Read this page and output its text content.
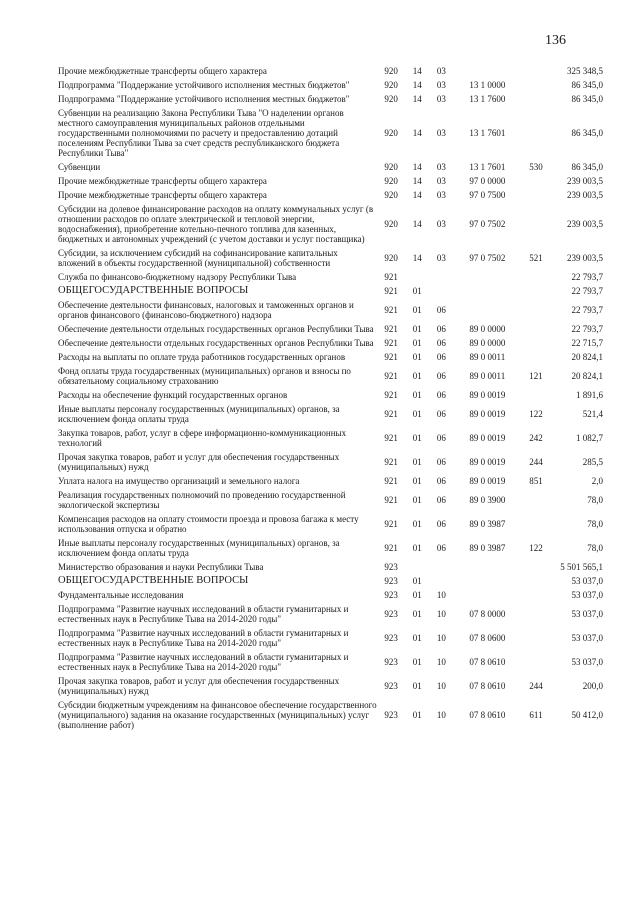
136
Прочие межбюджетные трансферты общего характера	920	14	03			325 348,5
Подпрограмма "Поддержание устойчивого исполнения местных бюджетов"	920	14	03	13 1 0000		86 345,0
Подпрограмма "Поддержание устойчивого исполнения местных бюджетов"	920	14	03	13 1 7600		86 345,0
Субвенции на реализацию Закона Республики Тыва "О наделении органов местного самоуправления муниципальных районов отдельными государственными полномочиями по расчету и предоставлению дотаций поселениям Республики Тыва за счет средств республиканского бюджета Республики Тыва"	920	14	03	13 1 7601		86 345,0
Субвенции	920	14	03	13 1 7601	530	86 345,0
Прочие межбюджетные трансферты общего характера	920	14	03	97 0 0000		239 003,5
Прочие межбюджетные трансферты общего характера	920	14	03	97 0 7500		239 003,5
Субсидии на долевое финансирование расходов на оплату коммунальных услуг (в отношении расходов по оплате электрической и тепловой энергии, водоснабжения), приобретение котельно-печного топлива для казенных, бюджетных и автономных учреждений (с учетом доставки и услуг поставщика)	920	14	03	97 0 7502		239 003,5
Субсидии, за исключением субсидий на софинансирование капитальных вложений в объекты государственной (муниципальной) собственности	920	14	03	97 0 7502	521	239 003,5
Служба по финансово-бюджетному надзору Республики Тыва	921					22 793,7
ОБЩЕГОСУДАРСТВЕННЫЕ ВОПРОСЫ	921	01				22 793,7
Обеспечение деятельности финансовых, налоговых и таможенных органов и органов финансового (финансово-бюджетного) надзора	921	01	06			22 793,7
Обеспечение деятельности отдельных государственных органов Республики Тыва	921	01	06	89 0 0000		22 793,7
Обеспечение деятельности отдельных государственных органов Республики Тыва	921	01	06	89 0 0000		22 715,7
Расходы на выплаты по оплате труда работников государственных органов	921	01	06	89 0 0011		20 824,1
Фонд оплаты труда государственных (муниципальных) органов и взносы по обязательному социальному страхованию	921	01	06	89 0 0011	121	20 824,1
Расходы на обеспечение функций государственных органов	921	01	06	89 0 0019		1 891,6
Иные выплаты персоналу государственных (муниципальных) органов, за исключением фонда оплаты труда	921	01	06	89 0 0019	122	521,4
Закупка товаров, работ, услуг в сфере информационно-коммуникационных технологий	921	01	06	89 0 0019	242	1 082,7
Прочая закупка товаров, работ и услуг для обеспечения государственных (муниципальных) нужд	921	01	06	89 0 0019	244	285,5
Уплата налога на имущество организаций и земельного налога	921	01	06	89 0 0019	851	2,0
Реализация государственных полномочий по проведению государственной экологической экспертизы	921	01	06	89 0 3900		78,0
Компенсация расходов на оплату стоимости проезда и провоза багажа к месту использования отпуска и обратно	921	01	06	89 0 3987		78,0
Иные выплаты персоналу государственных (муниципальных) органов, за исключением фонда оплаты труда	921	01	06	89 0 3987	122	78,0
Министерство образования и науки Республики Тыва	923					5 501 565,1
ОБЩЕГОСУДАРСТВЕННЫЕ ВОПРОСЫ	923	01				53 037,0
Фундаментальные исследования	923	01	10			53 037,0
Подпрограмма "Развитие научных исследований в области гуманитарных и естественных наук в Республике Тыва на 2014-2020 годы"	923	01	10	07 8 0000		53 037,0
Подпрограмма "Развитие научных исследований в области гуманитарных и естественных наук в Республике Тыва на 2014-2020 годы"	923	01	10	07 8 0600		53 037,0
Подпрограмма "Развитие научных исследований в области гуманитарных и естественных наук в Республике Тыва на 2014-2020 годы"	923	01	10	07 8 0610		53 037,0
Прочая закупка товаров, работ и услуг для обеспечения государственных (муниципальных) нужд	923	01	10	07 8 0610	244	200,0
Субсидии бюджетным учреждениям на финансовое обеспечение государственного (муниципального) задания на оказание государственных (муниципальных) услуг (выполнение работ)	923	01	10	07 8 0610	611	50 412,0
